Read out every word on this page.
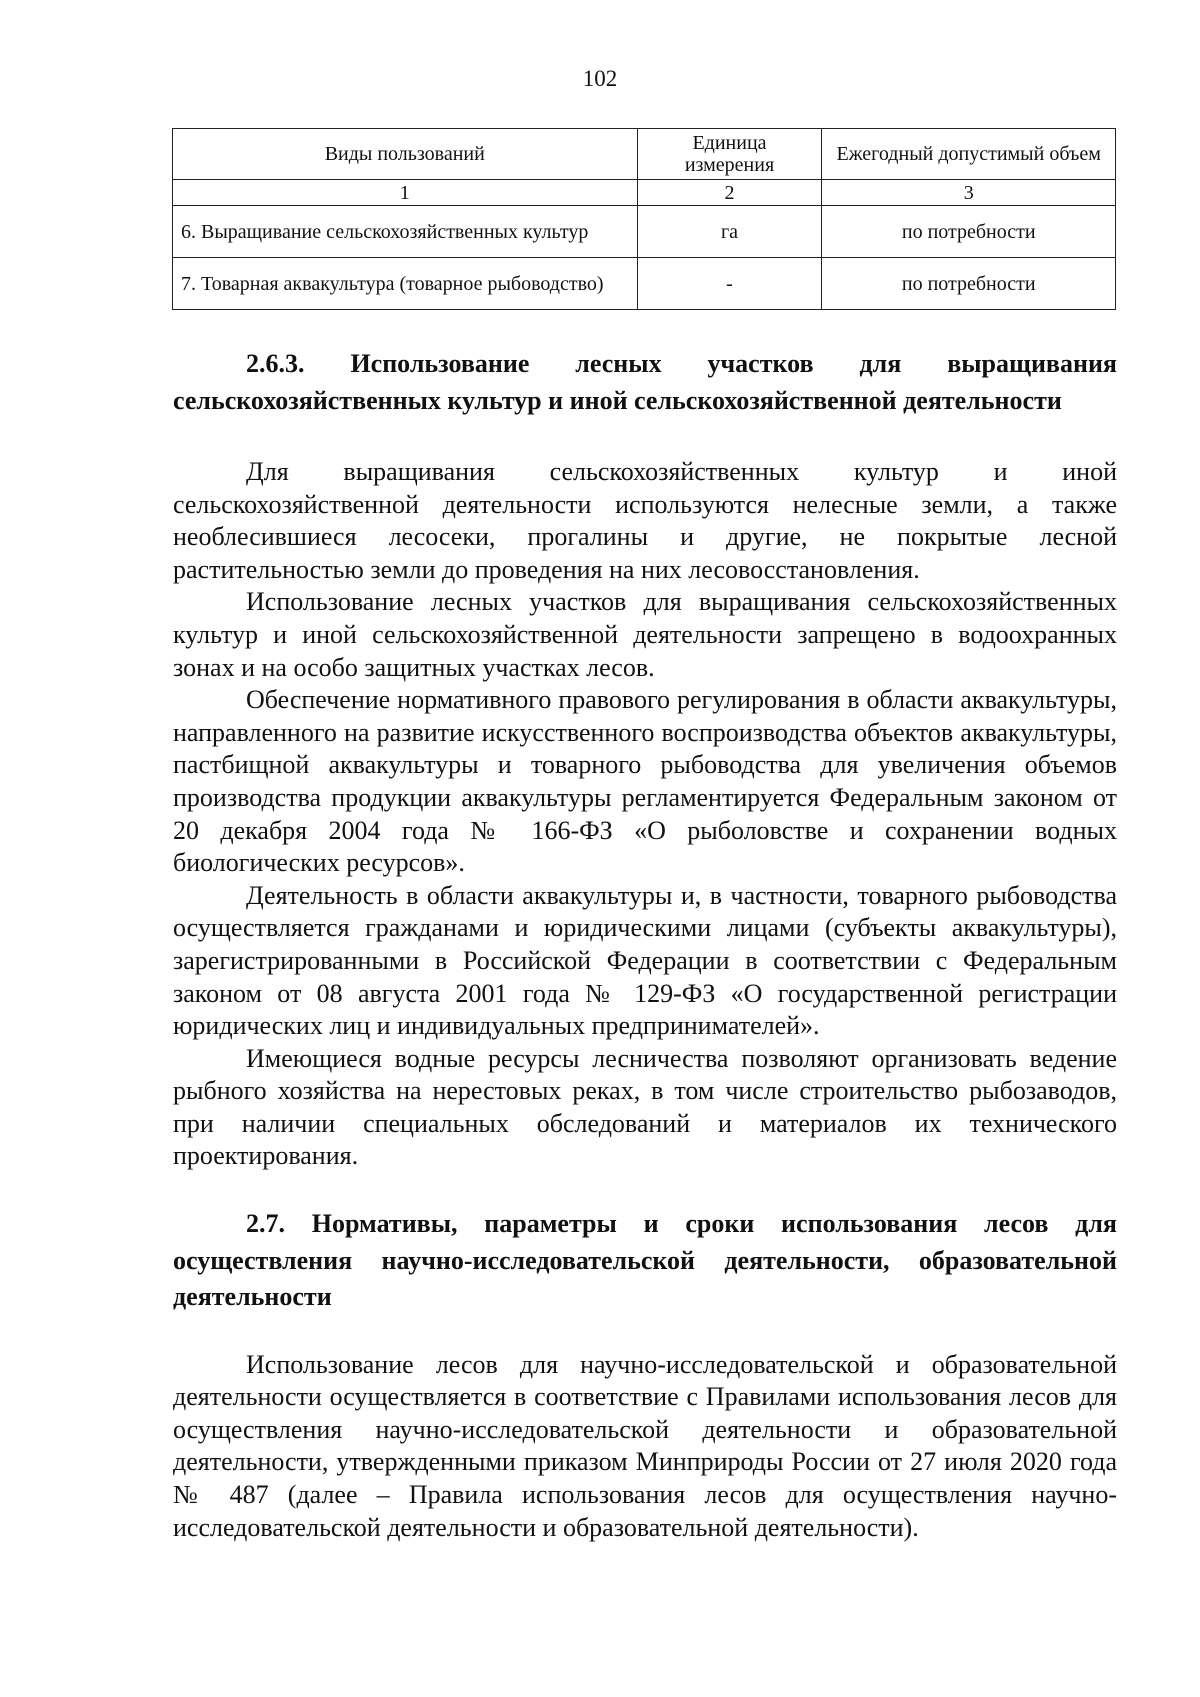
102
Виды пользований	Единица измерения	Ежегодный допустимый объем
1	2	3
6. Выращивание сельскохозяйственных культур	га	по потребности
7. Товарная аквакультура (товарное рыбоводство)	-	по потребности

2.6.3. Использование лесных участков для выращивания сельскохозяйственных культур и иной сельскохозяйственной деятельности

Для выращивания сельскохозяйственных культур и иной сельскохозяйственной деятельности используются нелесные земли, а также необлесившиеся лесосеки, прогалины и другие, не покрытые лесной растительностью земли до проведения на них лесовосстановления.

Использование лесных участков для выращивания сельскохозяйственных культур и иной сельскохозяйственной деятельности запрещено в водоохранных зонах и на особо защитных участках лесов.

Обеспечение нормативного правового регулирования в области аквакультуры, направленного на развитие искусственного воспроизводства объектов аквакультуры, пастбищной аквакультуры и товарного рыбоводства для увеличения объемов производства продукции аквакультуры регламентируется Федеральным законом от 20 декабря 2004 года № 166-ФЗ «О рыболовстве и сохранении водных биологических ресурсов».

Деятельность в области аквакультуры и, в частности, товарного рыбоводства осуществляется гражданами и юридическими лицами (субъекты аквакультуры), зарегистрированными в Российской Федерации в соответствии с Федеральным законом от 08 августа 2001 года № 129-ФЗ «О государственной регистрации юридических лиц и индивидуальных предпринимателей».

Имеющиеся водные ресурсы лесничества позволяют организовать ведение рыбного хозяйства на нерестовых реках, в том числе строительство рыбозаводов, при наличии специальных обследований и материалов их технического проектирования.

2.7. Нормативы, параметры и сроки использования лесов для осуществления научно-исследовательской деятельности, образовательной деятельности

Использование лесов для научно-исследовательской и образовательной деятельности осуществляется в соответствие с Правилами использования лесов для осуществления научно-исследовательской деятельности и образовательной деятельности, утвержденными приказом Минприроды России от 27 июля 2020 года № 487 (далее – Правила использования лесов для осуществления научно-исследовательской деятельности и образовательной деятельности).
